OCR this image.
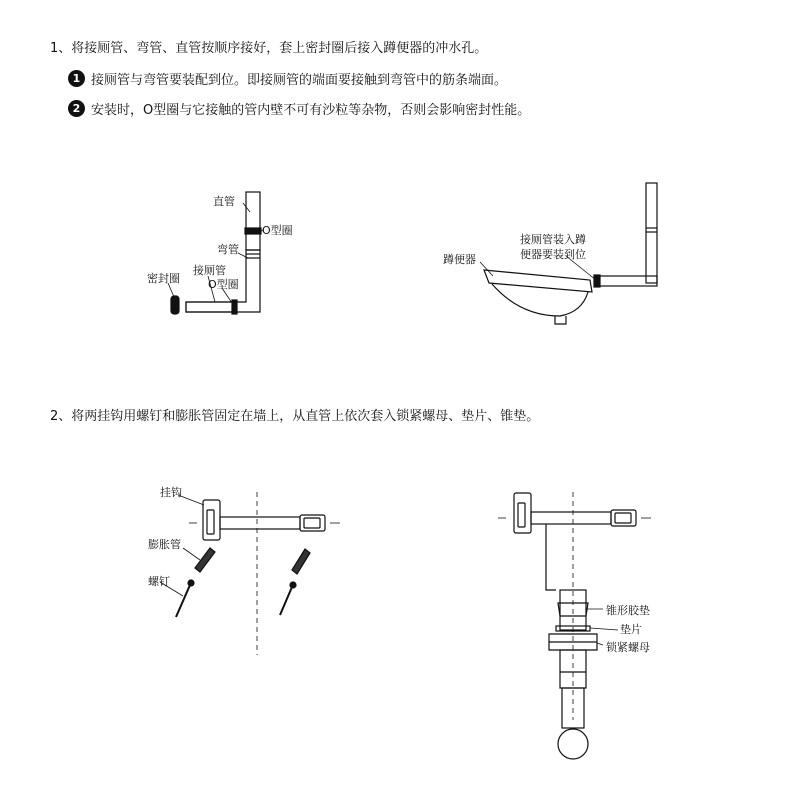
1、将接厕管、弯管、直管按顺序接好，套上密封圈后接入蹲便器的冲水孔。
1 接厕管与弯管要装配到位。即接厕管的端面要接触到弯管中的筋条端面。
2 安装时，O型圈与它接触的管内壁不可有沙粒等杂物，否则会影响密封性能。
2、将两挂钩用螺钉和膨胀管固定在墙上，从直管上依次套入锁紧螺母、垫片、锥垫。
直管
O型圈
弯管
接厕管
O型圈
密封圈
蹲便器
接厕管装入蹲
便器要装到位
挂钩
膨胀管
螺钉
锥形胶垫
垫片
锁紧螺母
